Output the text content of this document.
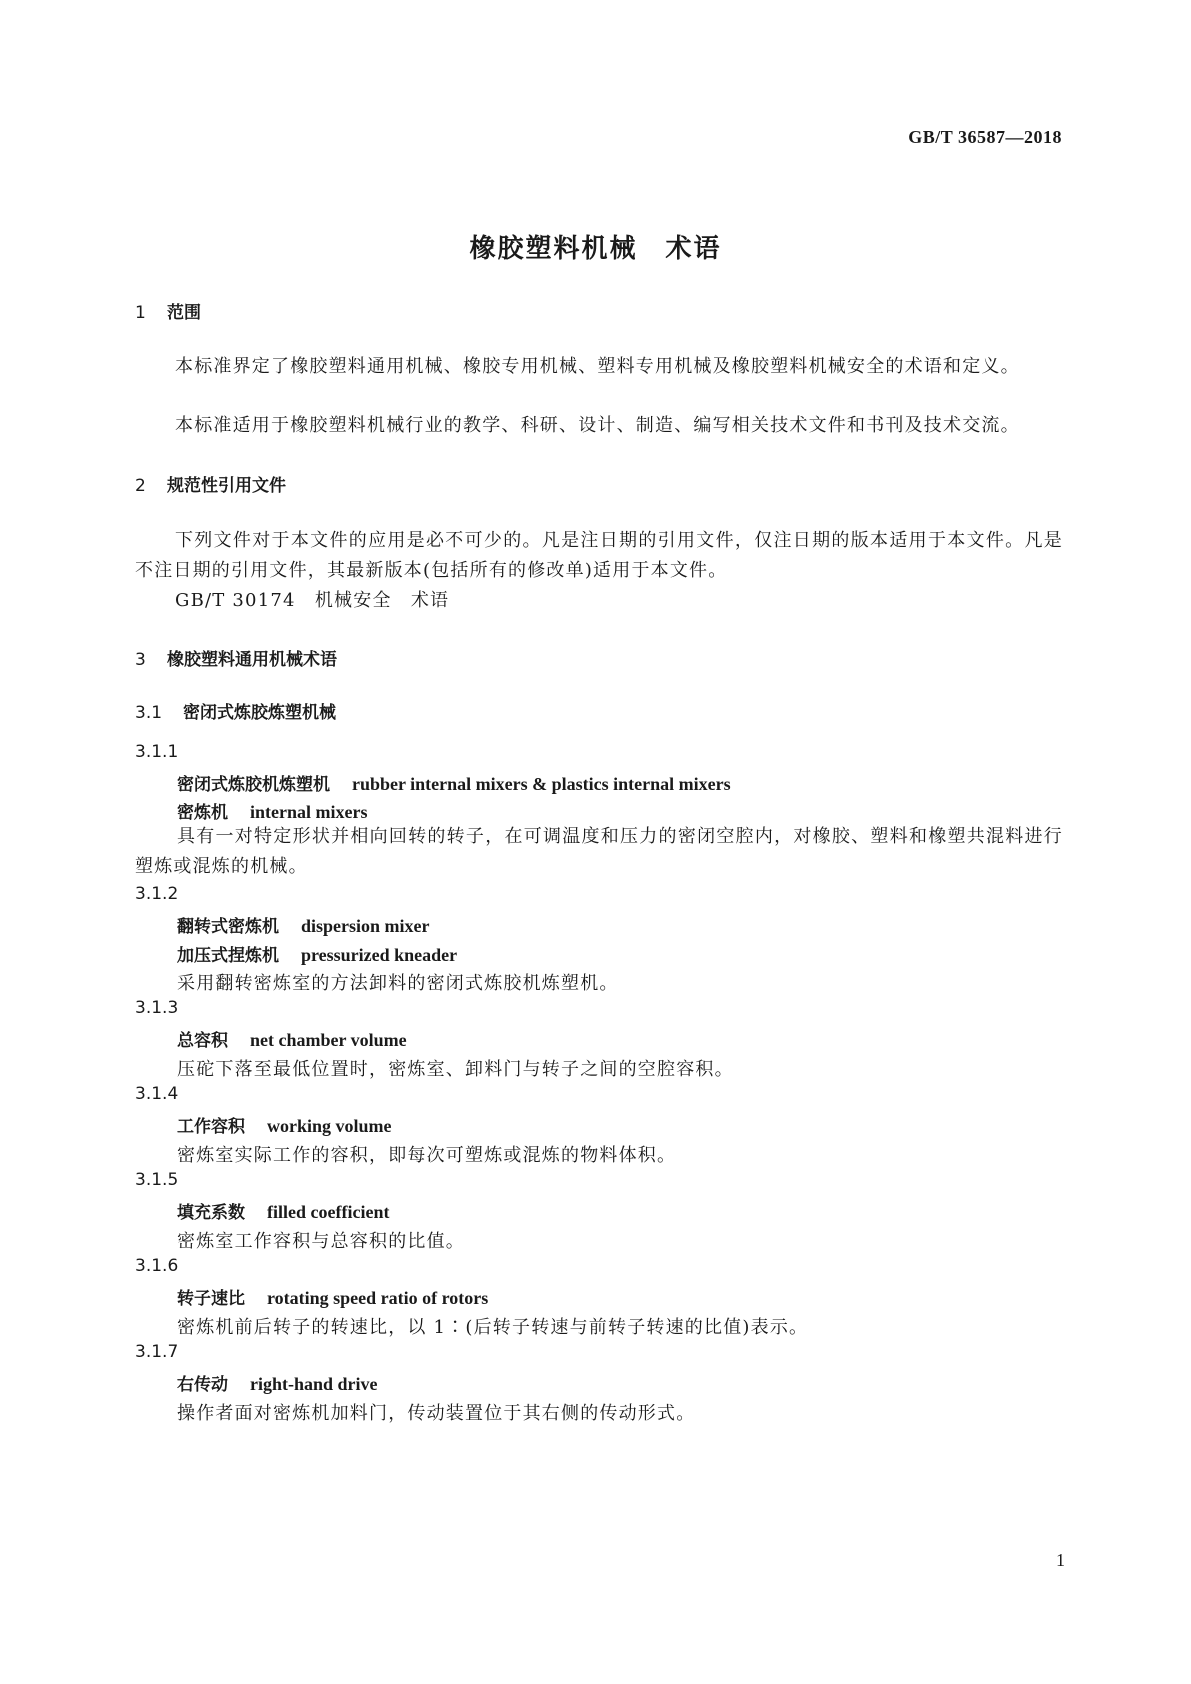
GB/T 36587—2018
橡胶塑料机械　术语
1 范围
本标准界定了橡胶塑料通用机械、橡胶专用机械、塑料专用机械及橡胶塑料机械安全的术语和定义。
本标准适用于橡胶塑料机械行业的教学、科研、设计、制造、编写相关技术文件和书刊及技术交流。
2 规范性引用文件
下列文件对于本文件的应用是必不可少的。凡是注日期的引用文件，仅注日期的版本适用于本文件。凡是不注日期的引用文件，其最新版本(包括所有的修改单)适用于本文件。
GB/T 30174　机械安全　术语
3 橡胶塑料通用机械术语
3.1 密闭式炼胶炼塑机械
3.1.1
密闭式炼胶机炼塑机 rubber internal mixers & plastics internal mixers
密炼机 internal mixers
具有一对特定形状并相向回转的转子，在可调温度和压力的密闭空腔内，对橡胶、塑料和橡塑共混料进行塑炼或混炼的机械。
3.1.2
翻转式密炼机 dispersion mixer
加压式捏炼机 pressurized kneader
采用翻转密炼室的方法卸料的密闭式炼胶机炼塑机。
3.1.3
总容积 net chamber volume
压砣下落至最低位置时，密炼室、卸料门与转子之间的空腔容积。
3.1.4
工作容积 working volume
密炼室实际工作的容积，即每次可塑炼或混炼的物料体积。
3.1.5
填充系数 filled coefficient
密炼室工作容积与总容积的比值。
3.1.6
转子速比 rotating speed ratio of rotors
密炼机前后转子的转速比，以 1∶(后转子转速与前转子转速的比值)表示。
3.1.7
右传动 right-hand drive
操作者面对密炼机加料门，传动装置位于其右侧的传动形式。
1
